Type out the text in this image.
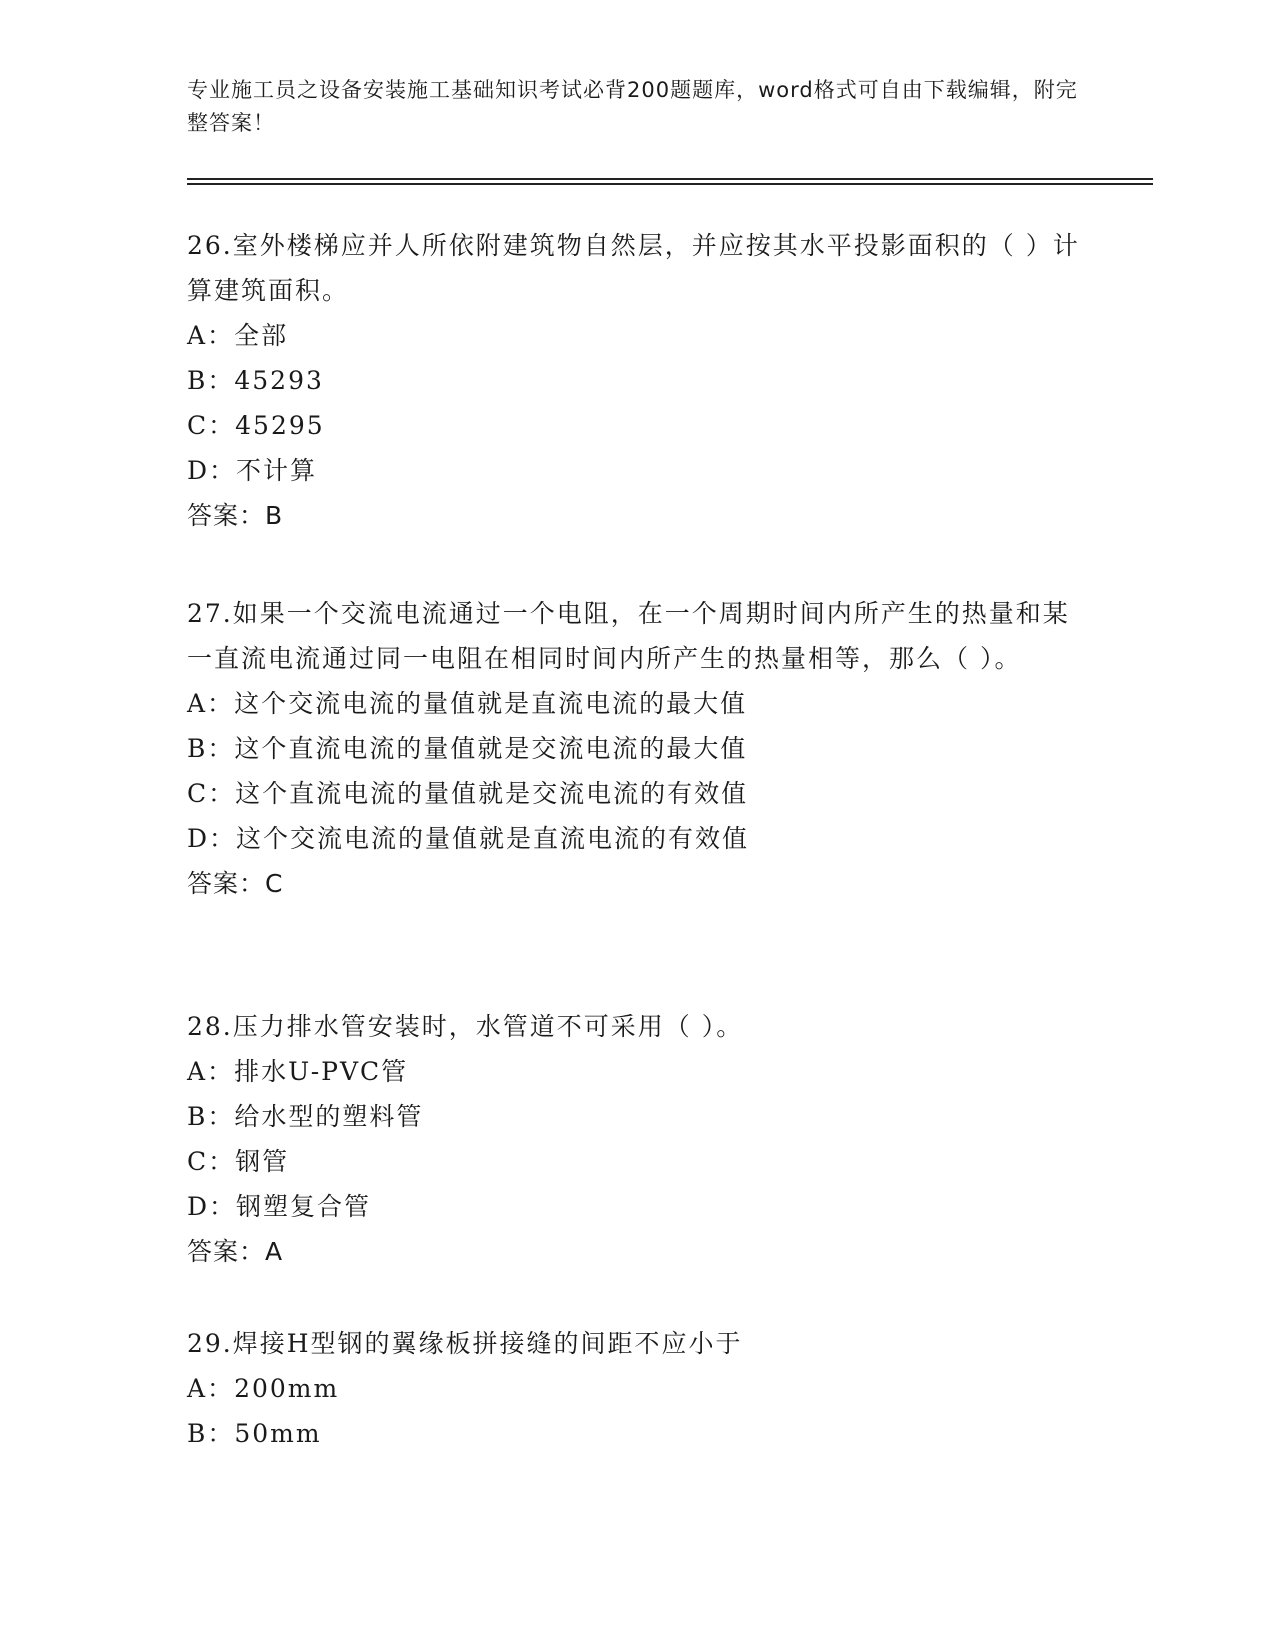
专业施工员之设备安装施工基础知识考试必背200题题库，word格式可自由下载编辑，附完整答案！

26.室外楼梯应并人所依附建筑物自然层，并应按其水平投影面积的（ ）计算建筑面积。

A：全部
B：45293
C：45295
D：不计算
答案：B

27.如果一个交流电流通过一个电阻，在一个周期时间内所产生的热量和某一直流电流通过同一电阻在相同时间内所产生的热量相等，那么（ ）。

A：这个交流电流的量值就是直流电流的最大值
B：这个直流电流的量值就是交流电流的最大值
C：这个直流电流的量值就是交流电流的有效值
D：这个交流电流的量值就是直流电流的有效值
答案：C

28.压力排水管安装时，水管道不可采用（ ）。

A：排水U-PVC管
B：给水型的塑料管
C：钢管
D：钢塑复合管
答案：A

29.焊接H型钢的翼缘板拼接缝的间距不应小于

A：200mm
B：50mm
